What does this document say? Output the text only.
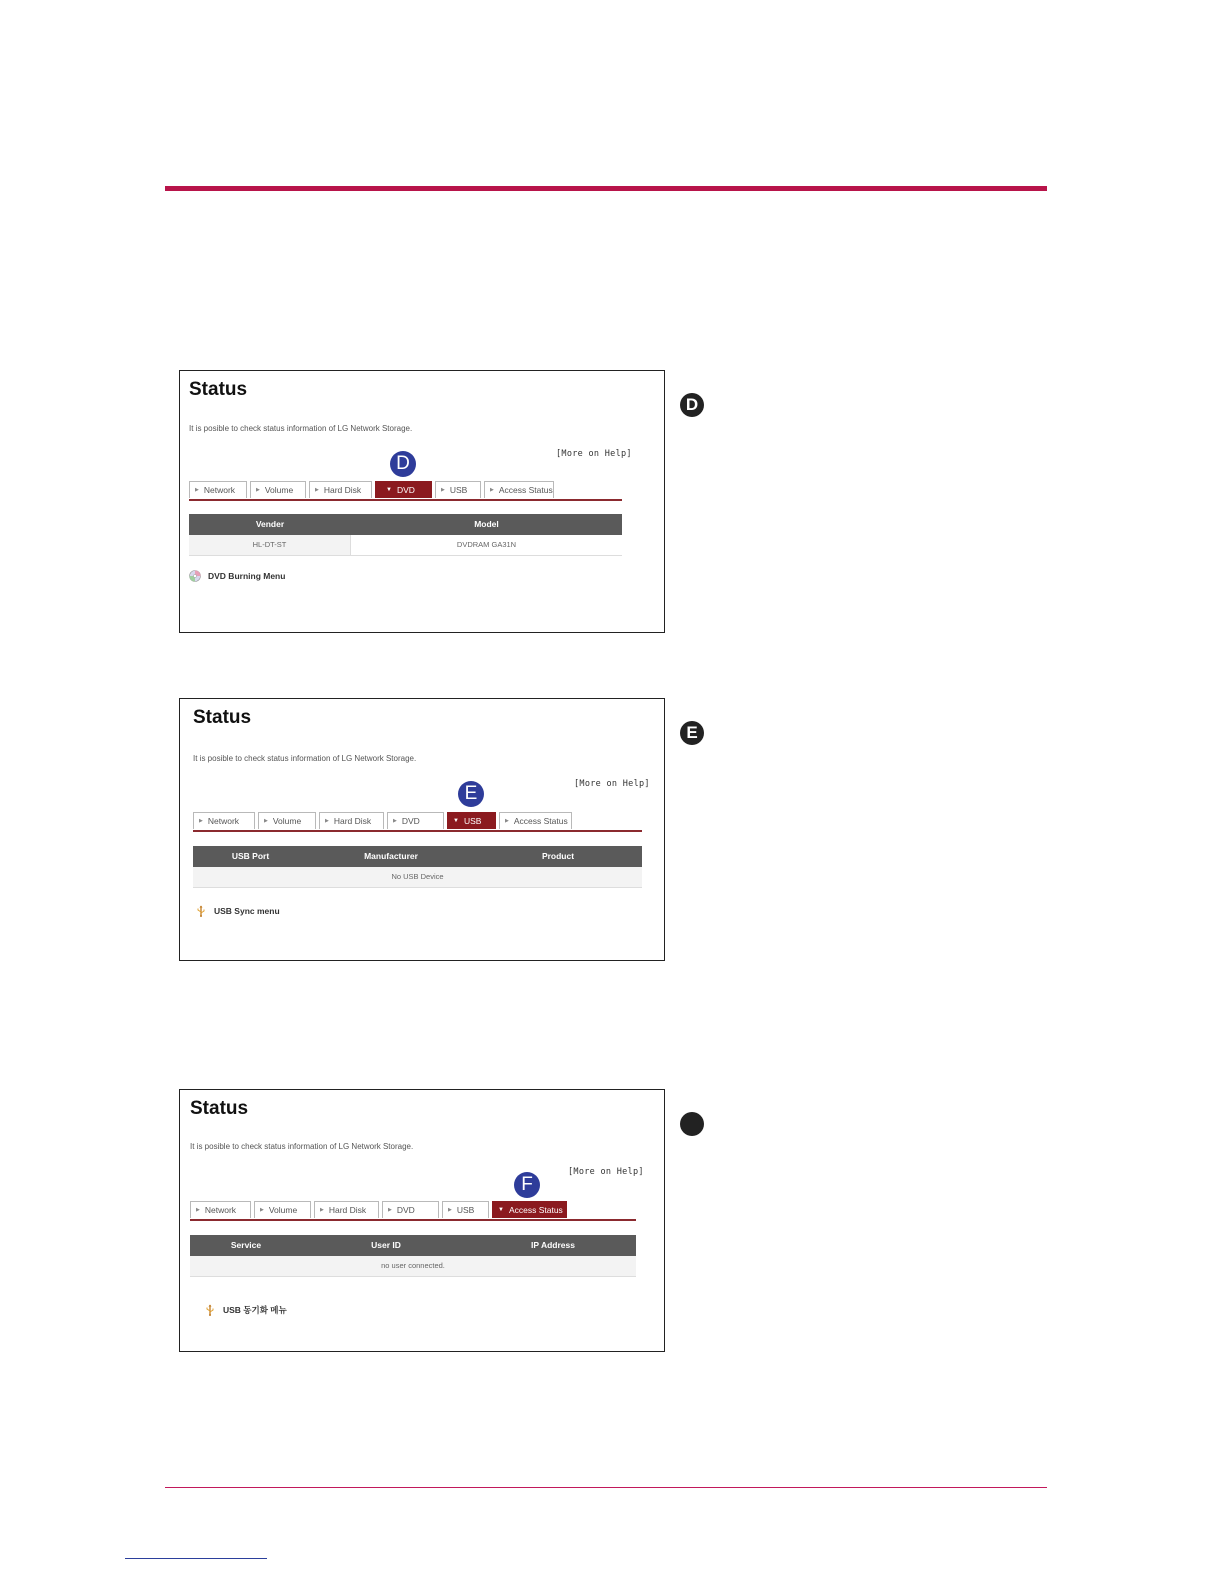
Status
It is posible to check status information of LG Network Storage.
[More on Help]
D
▶ Network	▶ Volume	▶ Hard Disk	▼ DVD	▶ USB	▶ Access Status
Vender	Model
HL-DT-ST	DVDRAM GA31N
DVD Burning Menu
D
Status
It is posible to check status information of LG Network Storage.
[More on Help]
E
▶ Network	▶ Volume	▶ Hard Disk	▶ DVD	▼ USB	▶ Access Status
USB Port	Manufacturer	Product
No USB Device
USB Sync menu
E
Status
It is posible to check status information of LG Network Storage.
[More on Help]
F
▶ Network	▶ Volume	▶ Hard Disk	▶ DVD	▶ USB	▼ Access Status
Service	User ID	IP Address
no user connected.
USB 동기화 메뉴
